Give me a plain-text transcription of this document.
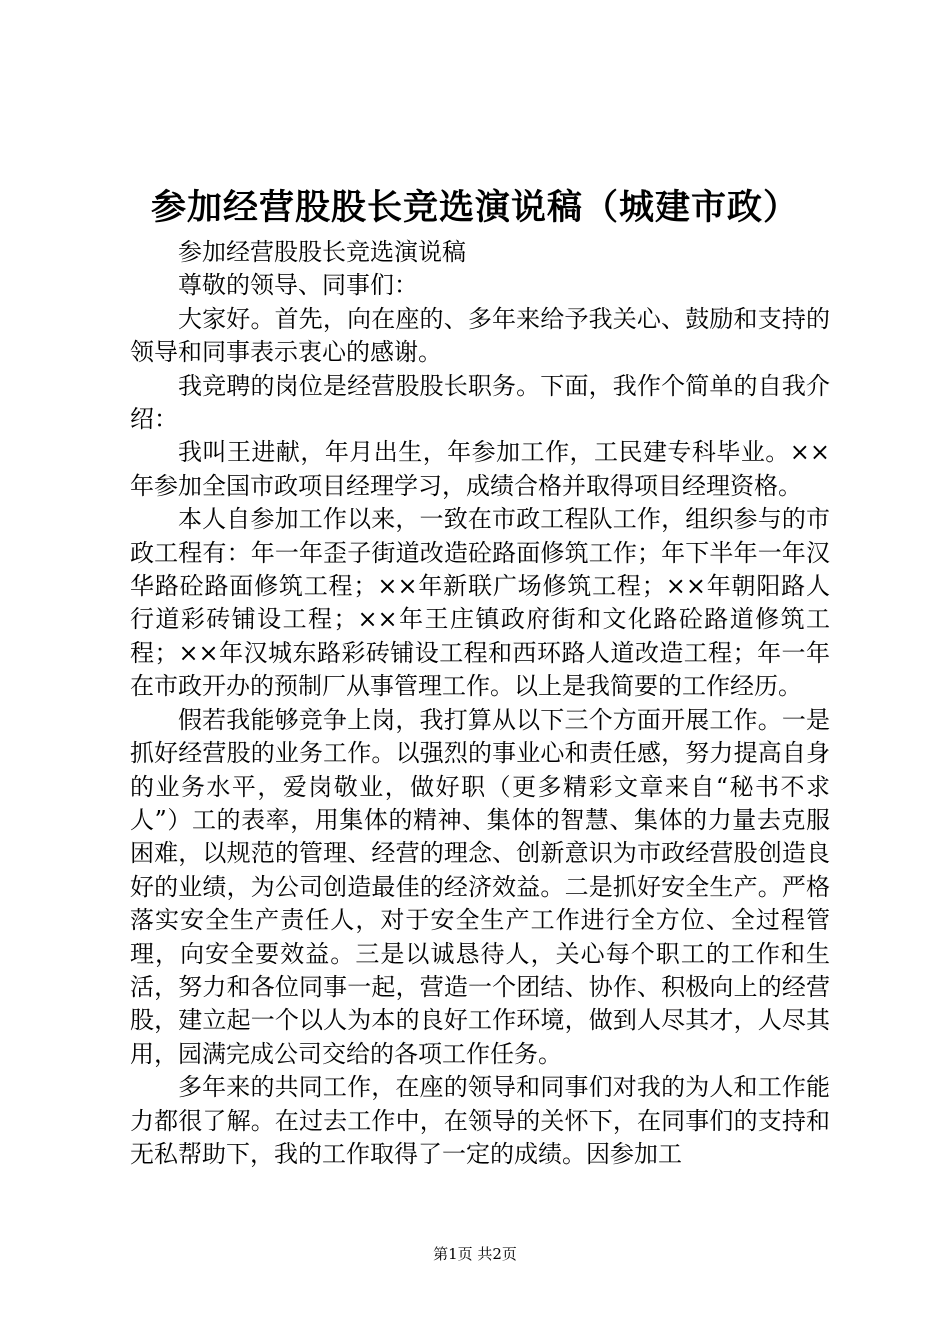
参加经营股股长竞选演说稿（城建市政）

参加经营股股长竞选演说稿

尊敬的领导、同事们：

大家好。首先，向在座的、多年来给予我关心、鼓励和支持的领导和同事表示衷心的感谢。

我竞聘的岗位是经营股股长职务。下面，我作个简单的自我介绍：

我叫王进献，年月出生，年参加工作，工民建专科毕业。××年参加全国市政项目经理学习，成绩合格并取得项目经理资格。

本人自参加工作以来，一致在市政工程队工作，组织参与的市政工程有：年一年歪子街道改造砼路面修筑工作；年下半年一年汉华路砼路面修筑工程；××年新联广场修筑工程；××年朝阳路人行道彩砖铺设工程；××年王庄镇政府街和文化路砼路道修筑工程；××年汉城东路彩砖铺设工程和西环路人道改造工程；年一年在市政开办的预制厂从事管理工作。以上是我简要的工作经历。

假若我能够竞争上岗，我打算从以下三个方面开展工作。一是抓好经营股的业务工作。以强烈的事业心和责任感，努力提高自身的业务水平，爱岗敬业，做好职（更多精彩文章来自“秘书不求人”）工的表率，用集体的精神、集体的智慧、集体的力量去克服困难，以规范的管理、经营的理念、创新意识为市政经营股创造良好的业绩，为公司创造最佳的经济效益。二是抓好安全生产。严格落实安全生产责任人，对于安全生产工作进行全方位、全过程管理，向安全要效益。三是以诚恳待人，关心每个职工的工作和生活，努力和各位同事一起，营造一个团结、协作、积极向上的经营股，建立起一个以人为本的良好工作环境，做到人尽其才，人尽其用，园满完成公司交给的各项工作任务。

多年来的共同工作，在座的领导和同事们对我的为人和工作能力都很了解。在过去工作中，在领导的关怀下，在同事们的支持和无私帮助下，我的工作取得了一定的成绩。因参加工

第1页 共2页
